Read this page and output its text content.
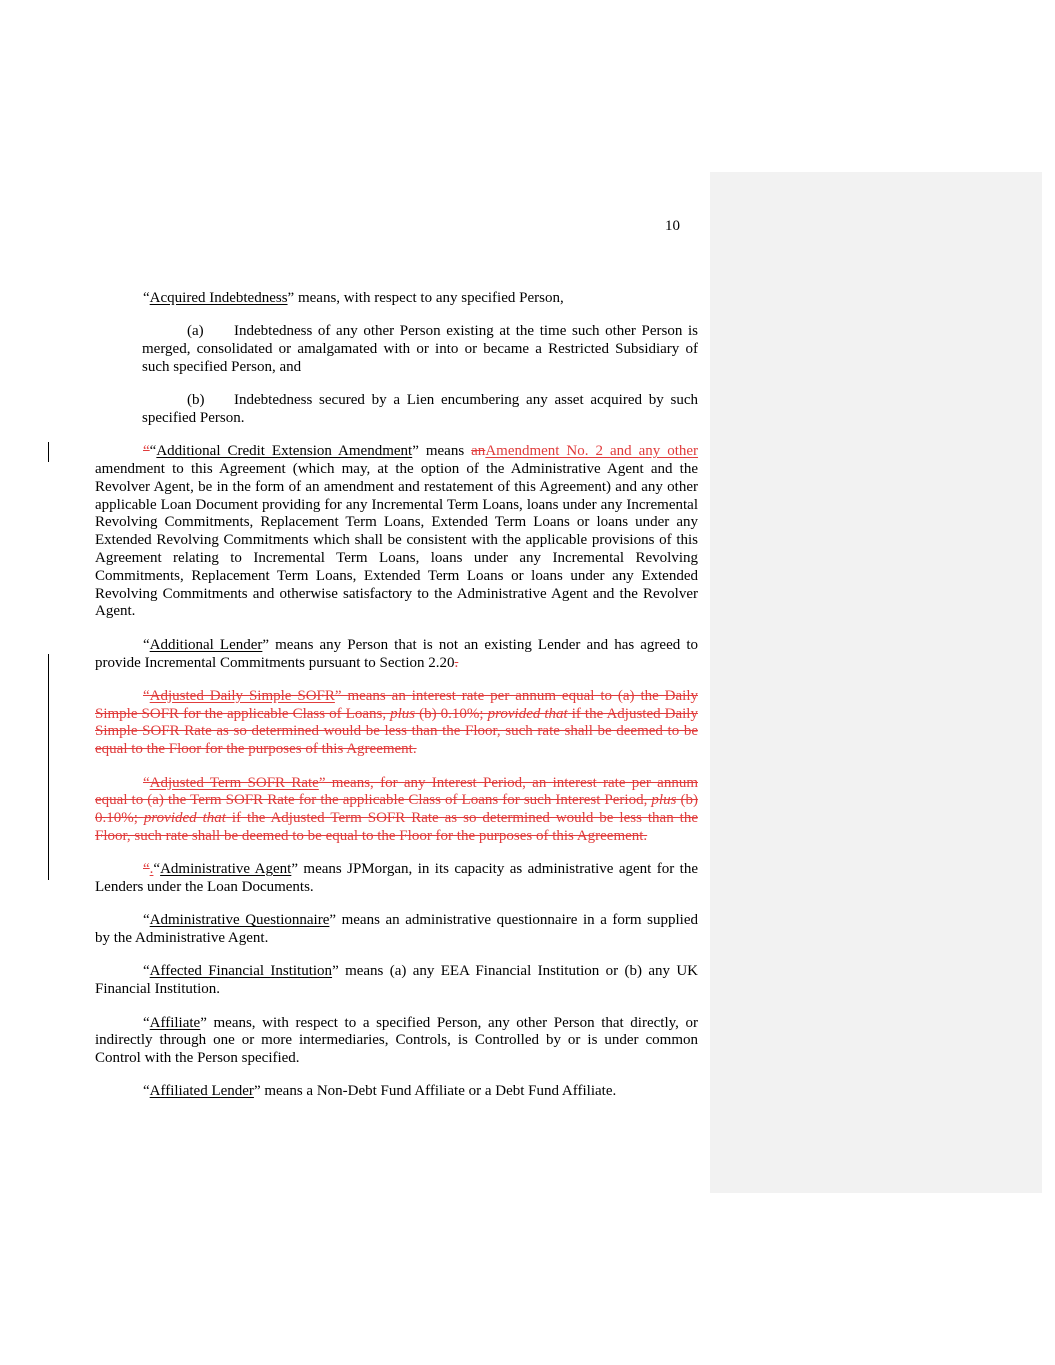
10

“Acquired Indebtedness” means, with respect to any specified Person,

(a) Indebtedness of any other Person existing at the time such other Person is merged, consolidated or amalgamated with or into or became a Restricted Subsidiary of such specified Person, and

(b) Indebtedness secured by a Lien encumbering any asset acquired by such specified Person.

““Additional Credit Extension Amendment” means anAmendment No. 2 and any other amendment to this Agreement (which may, at the option of the Administrative Agent and the Revolver Agent, be in the form of an amendment and restatement of this Agreement) and any other applicable Loan Document providing for any Incremental Term Loans, loans under any Incremental Revolving Commitments, Replacement Term Loans, Extended Term Loans or loans under any Extended Revolving Commitments which shall be consistent with the applicable provisions of this Agreement relating to Incremental Term Loans, loans under any Incremental Revolving Commitments, Replacement Term Loans, Extended Term Loans or loans under any Extended Revolving Commitments and otherwise satisfactory to the Administrative Agent and the Revolver Agent.

“Additional Lender” means any Person that is not an existing Lender and has agreed to provide Incremental Commitments pursuant to Section 2.20.

“Adjusted Daily Simple SOFR” means an interest rate per annum equal to (a) the Daily Simple SOFR for the applicable Class of Loans, plus (b) 0.10%; provided that if the Adjusted Daily Simple SOFR Rate as so determined would be less than the Floor, such rate shall be deemed to be equal to the Floor for the purposes of this Agreement.

“Adjusted Term SOFR Rate” means, for any Interest Period, an interest rate per annum equal to (a) the Term SOFR Rate for the applicable Class of Loans for such Interest Period, plus (b) 0.10%; provided that if the Adjusted Term SOFR Rate as so determined would be less than the Floor, such rate shall be deemed to be equal to the Floor for the purposes of this Agreement.

“.“Administrative Agent” means JPMorgan, in its capacity as administrative agent for the Lenders under the Loan Documents.

“Administrative Questionnaire” means an administrative questionnaire in a form supplied by the Administrative Agent.

“Affected Financial Institution” means (a) any EEA Financial Institution or (b) any UK Financial Institution.

“Affiliate” means, with respect to a specified Person, any other Person that directly, or indirectly through one or more intermediaries, Controls, is Controlled by or is under common Control with the Person specified.

“Affiliated Lender” means a Non-Debt Fund Affiliate or a Debt Fund Affiliate.
